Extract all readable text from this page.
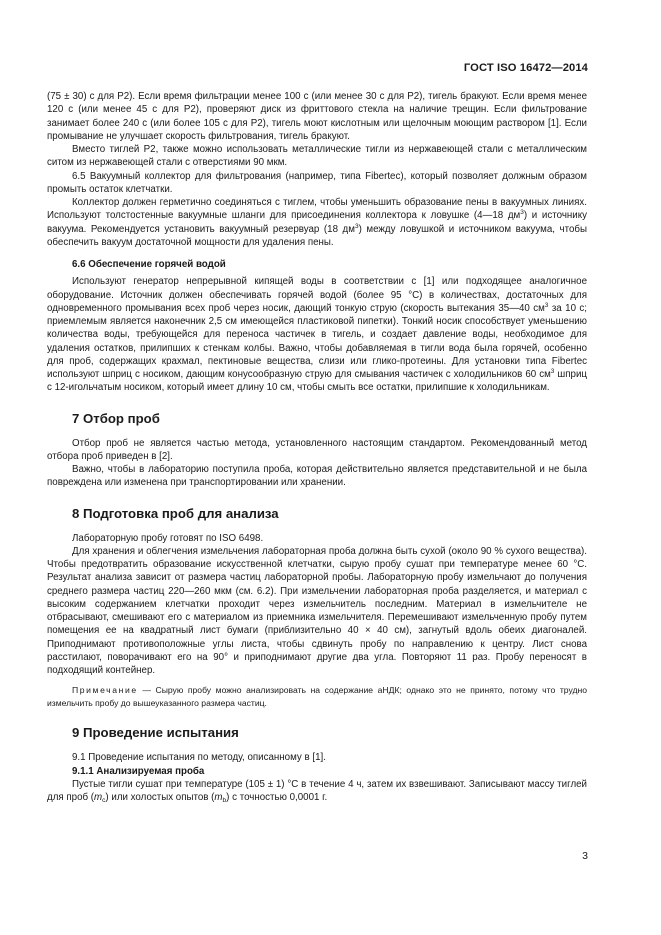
ГОСТ ISO 16472—2014

(75 ± 30) с для Р2). Если время фильтрации менее 100 с (или менее 30 с для Р2), тигель бракуют. Если время менее 120 с (или менее 45 с для Р2), проверяют диск из фриттового стекла на наличие трещин. Если фильтрование занимает более 240 с (или более 105 с для Р2), тигель моют кислотным или щелочным моющим раствором [1]. Если промывание не улучшает скорость фильтрования, тигель бракуют.

Вместо тиглей Р2, также можно использовать металлические тигли из нержавеющей стали с металлическим ситом из нержавеющей стали с отверстиями 90 мкм.

6.5 Вакуумный коллектор для фильтрования (например, типа Fibertec), который позволяет должным образом промыть остаток клетчатки.

Коллектор должен герметично соединяться с тиглем, чтобы уменьшить образование пены в вакуумных линиях. Используют толстостенные вакуумные шланги для присоединения коллектора к ловушке (4—18 $дм^3$) и источнику вакуума. Рекомендуется установить вакуумный резервуар (18 $дм^3$) между ловушкой и источником вакуума, чтобы обеспечить вакуум достаточной мощности для удаления пены.

6.6 Обеспечение горячей водой

Используют генератор непрерывной кипящей воды в соответствии с [1] или подходящее аналогичное оборудование. Источник должен обеспечивать горячей водой (более 95 °С) в количествах, достаточных для одновременного промывания всех проб через носик, дающий тонкую струю (скорость вытекания 35—40 $см^3$ за 10 с; приемлемым является наконечник 2,5 см имеющейся пластиковой пипетки). Тонкий носик способствует уменьшению количества воды, требующейся для переноса частичек в тигель, и создает давление воды, необходимое для удаления остатков, прилипших к стенкам колбы. Важно, чтобы добавляемая в тигли вода была горячей, особенно для проб, содержащих крахмал, пектиновые вещества, слизи или глико-протеины. Для установки типа Fibertec используют шприц с носиком, дающим конусообразную струю для смывания частичек с холодильников 60 $см^3$ шприц с 12-игольчатым носиком, который имеет длину 10 см, чтобы смыть все остатки, прилипшие к холодильникам.

7 Отбор проб

Отбор проб не является частью метода, установленного настоящим стандартом. Рекомендованный метод отбора проб приведен в [2].

Важно, чтобы в лабораторию поступила проба, которая действительно является представительной и не была повреждена или изменена при транспортировании или хранении.

8 Подготовка проб для анализа

Лабораторную пробу готовят по ISO 6498.

Для хранения и облегчения измельчения лабораторная проба должна быть сухой (около 90 % сухого вещества). Чтобы предотвратить образование искусственной клетчатки, сырую пробу сушат при температуре менее 60 °С. Результат анализа зависит от размера частиц лабораторной пробы. Лабораторную пробу измельчают до получения среднего размера частиц 220—260 мкм (см. 6.2). При измельчении лабораторная проба разделяется, и материал с высоким содержанием клетчатки проходит через измельчитель последним. Материал в измельчителе не отбрасывают, смешивают его с материалом из приемника измельчителя. Перемешивают измельченную пробу путем помещения ее на квадратный лист бумаги (приблизительно 40 × 40 см), загнутый вдоль обеих диагоналей. Приподнимают противоположные углы листа, чтобы сдвинуть пробу по направлению к центру. Лист снова расстилают, поворачивают его на 90° и приподнимают другие два угла. Повторяют 11 раз. Пробу переносят в подходящий контейнер.

Примечание — Сырую пробу можно анализировать на содержание аНДК; однако это не принято, потому что трудно измельчить пробу до вышеуказанного размера частиц.

9 Проведение испытания

9.1 Проведение испытания по методу, описанному в [1].

9.1.1 Анализируемая проба

Пустые тигли сушат при температуре (105 ± 1) °С в течение 4 ч, затем их взвешивают. Записывают массу тиглей для проб $(m_c)$ или холостых опытов $(m_b)$ с точностью 0,0001 г.

3
